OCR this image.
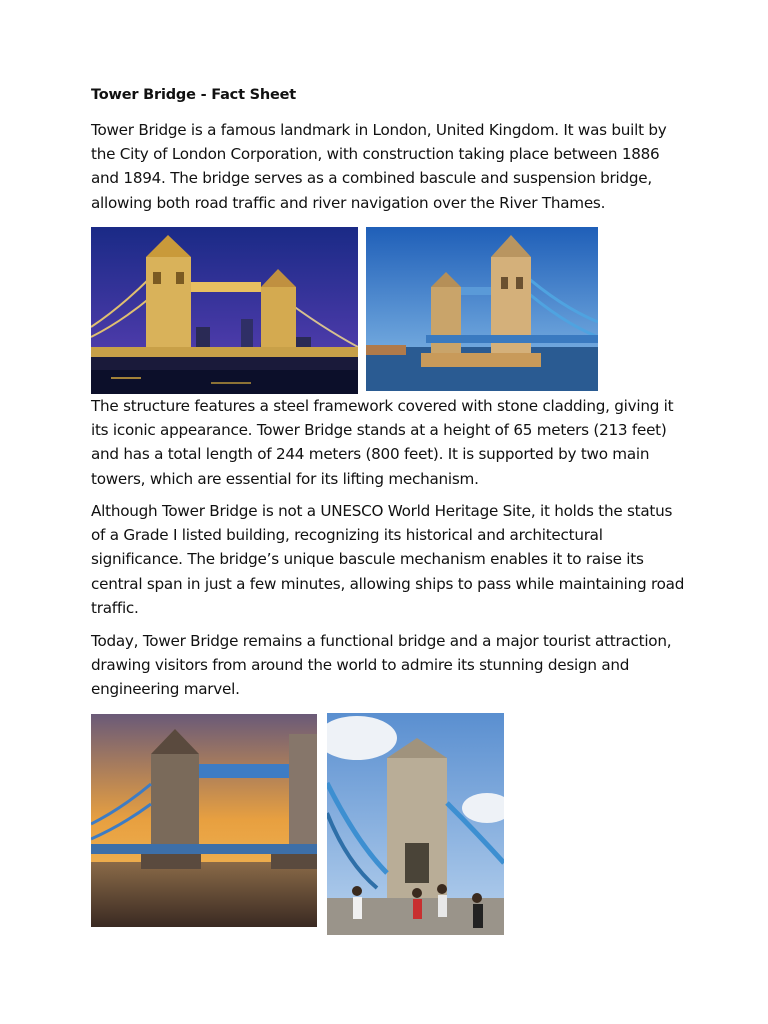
Tower Bridge - Fact Sheet

Tower Bridge is a famous landmark in London, United Kingdom. It was built by
the City of London Corporation, with construction taking place between 1886
and 1894. The bridge serves as a combined bascule and suspension bridge,
allowing both road traffic and river navigation over the River Thames.

The structure features a steel framework covered with stone cladding, giving it
its iconic appearance. Tower Bridge stands at a height of 65 meters (213 feet)
and has a total length of 244 meters (800 feet). It is supported by two main
towers, which are essential for its lifting mechanism.

Although Tower Bridge is not a UNESCO World Heritage Site, it holds the status
of a Grade I listed building, recognizing its historical and architectural
significance. The bridge’s unique bascule mechanism enables it to raise its
central span in just a few minutes, allowing ships to pass while maintaining road
traffic.

Today, Tower Bridge remains a functional bridge and a major tourist attraction,
drawing visitors from around the world to admire its stunning design and
engineering marvel.
